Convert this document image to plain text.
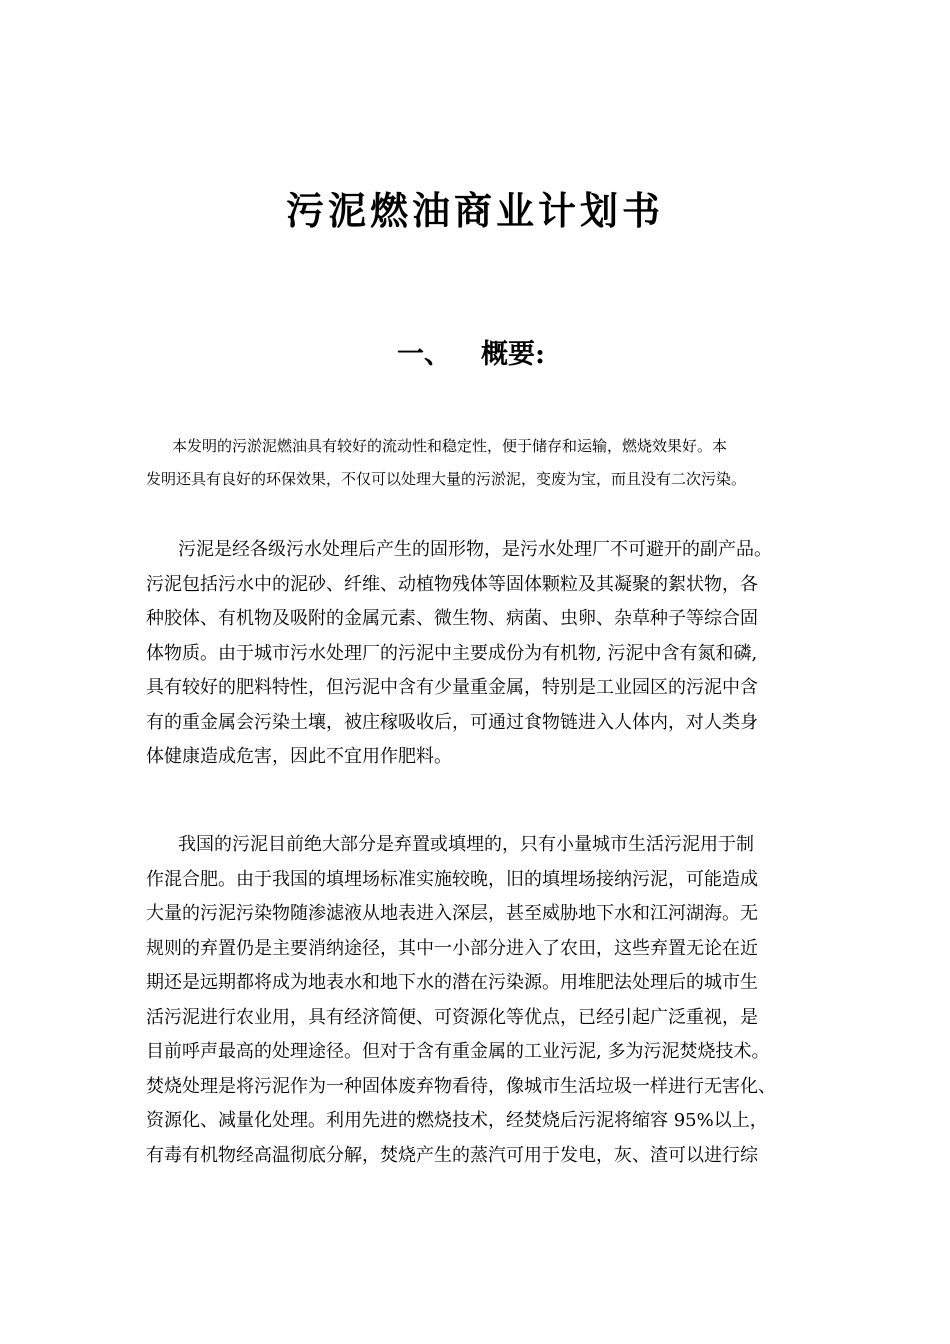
污泥燃油商业计划书
一、 概要:
本发明的污淤泥燃油具有较好的流动性和稳定性，便于储存和运输，燃烧效果好。本
发明还具有良好的环保效果，不仅可以处理大量的污淤泥，变废为宝，而且没有二次污染。
污泥是经各级污水处理后产生的固形物，是污水处理厂不可避开的副产品。
污泥包括污水中的泥砂、纤维、动植物残体等固体颗粒及其凝聚的絮状物，各
种胶体、有机物及吸附的金属元素、微生物、病菌、虫卵、杂草种子等综合固
体物质。由于城市污水处理厂的污泥中主要成份为有机物, 污泥中含有氮和磷,
具有较好的肥料特性，但污泥中含有少量重金属，特别是工业园区的污泥中含
有的重金属会污染土壤，被庄稼吸收后，可通过食物链进入人体内，对人类身
体健康造成危害，因此不宜用作肥料。
我国的污泥目前绝大部分是弃置或填埋的，只有小量城市生活污泥用于制
作混合肥。由于我国的填埋场标准实施较晚，旧的填埋场接纳污泥，可能造成
大量的污泥污染物随渗滤液从地表进入深层，甚至威胁地下水和江河湖海。无
规则的弃置仍是主要消纳途径，其中一小部分进入了农田，这些弃置无论在近
期还是远期都将成为地表水和地下水的潜在污染源。用堆肥法处理后的城市生
活污泥进行农业用，具有经济简便、可资源化等优点，已经引起广泛重视，是
目前呼声最高的处理途径。但对于含有重金属的工业污泥, 多为污泥焚烧技术。
焚烧处理是将污泥作为一种固体废弃物看待，像城市生活垃圾一样进行无害化、
资源化、减量化处理。利用先进的燃烧技术，经焚烧后污泥将缩容 95%以上，
有毒有机物经高温彻底分解，焚烧产生的蒸汽可用于发电，灰、渣可以进行综
